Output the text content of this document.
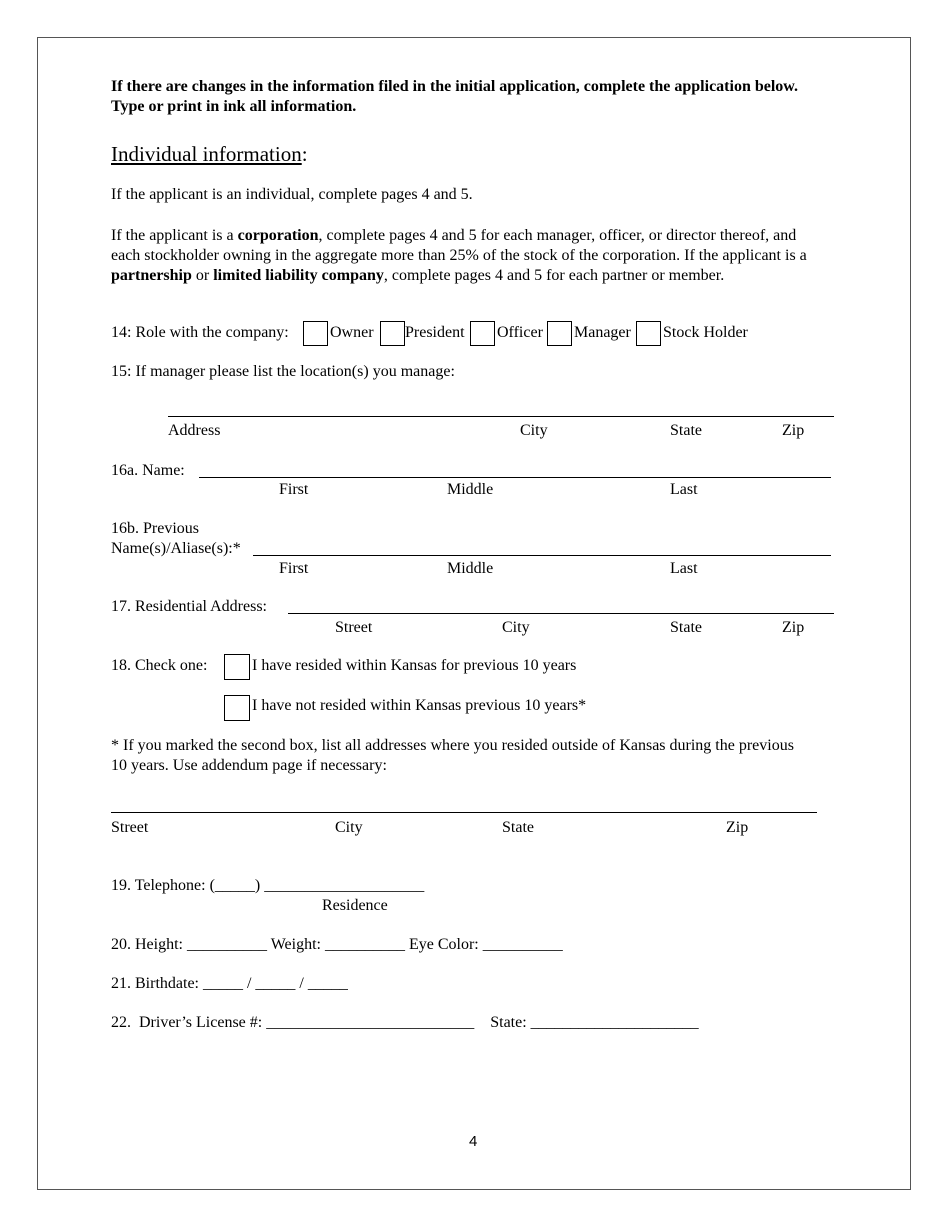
If there are changes in the information filed in the initial application, complete the application below.
Type or print in ink all information.
Individual information:
If the applicant is an individual, complete pages 4 and 5.
If the applicant is a corporation, complete pages 4 and 5 for each manager, officer, or director thereof, and each stockholder owning in the aggregate more than 25% of the stock of the corporation. If the applicant is a partnership or limited liability company, complete pages 4 and 5 for each partner or member.
14: Role with the company:	Owner President Officer Manager Stock Holder
15: If manager please list the location(s) you manage:
Address	City	State	Zip
16a. Name:
First	Middle	Last
16b. Previous
Name(s)/Aliase(s):*
First	Middle	Last
17. Residential Address:
Street	City	State	Zip
18. Check one:	I have resided within Kansas for previous 10 years
I have not resided within Kansas previous 10 years*
* If you marked the second box, list all addresses where you resided outside of Kansas during the previous 10 years. Use addendum page if necessary:
Street	City	State	Zip
19. Telephone: (_____) ____________________
Residence
20. Height: __________ Weight: __________ Eye Color: __________
21. Birthdate: _____ / _____ / _____
22.  Driver’s License #: __________________________    State: _____________________
4
